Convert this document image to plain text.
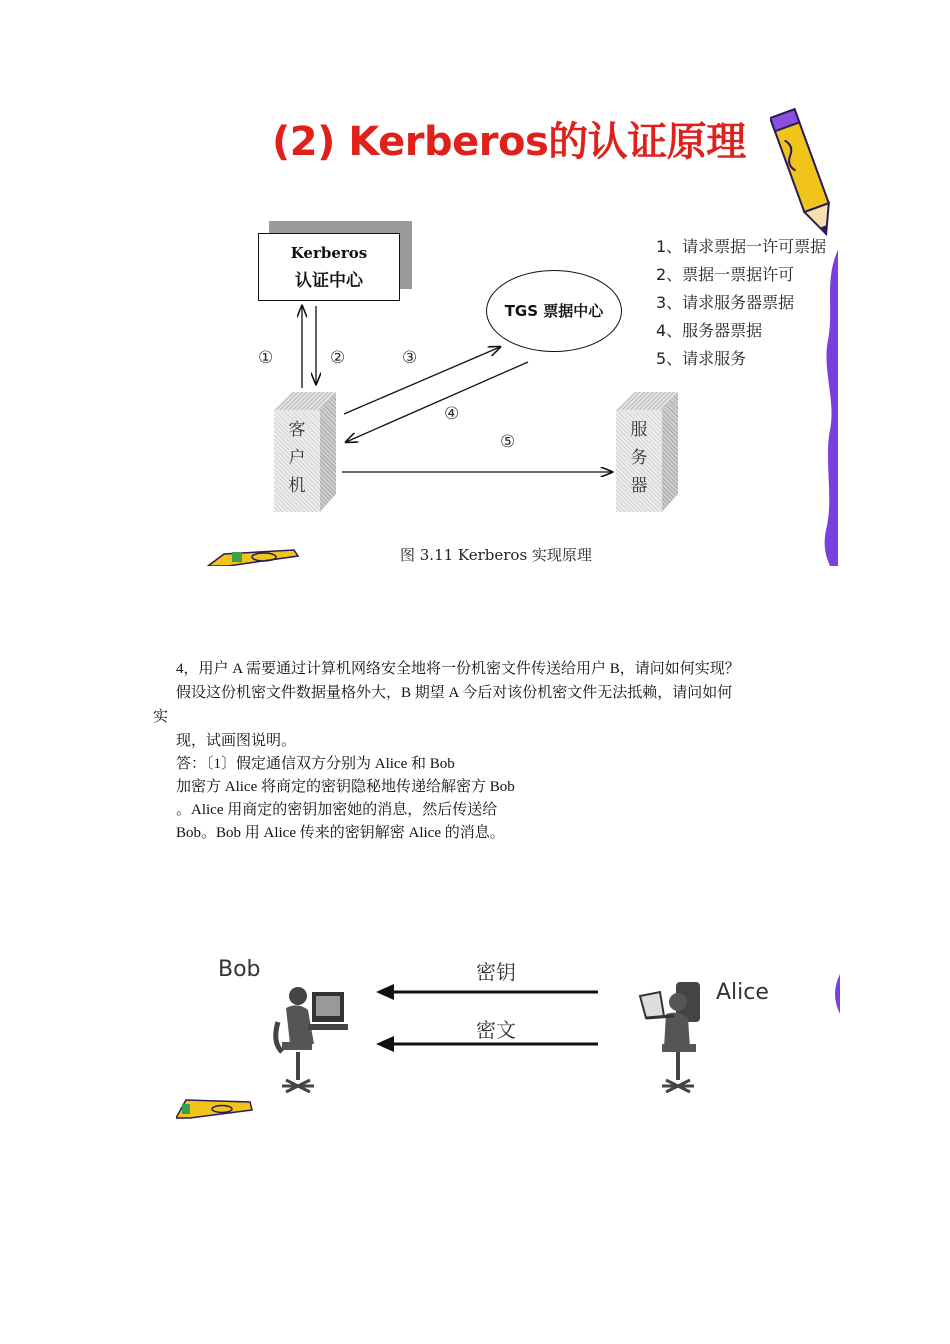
(2) Kerberos的认证原理
Kerberos
认证中心
TGS 票据中心
客
户
机
服
务
器
①	②	③
④
⑤
1、请求票据一许可票据
2、票据一票据许可
3、请求服务器票据
4、服务器票据
5、请求服务
图 3.11 Kerberos 实现原理
4，用户 A 需要通过计算机网络安全地将一份机密文件传送给用户 B，请问如何实现？
假设这份机密文件数据量格外大，B 期望 A 今后对该份机密文件无法抵赖，请问如何
实
现，试画图说明。
答：〔1〕假定通信双方分别为 Alice 和 Bob
加密方 Alice 将商定的密钥隐秘地传递给解密方 Bob
。Alice 用商定的密钥加密她的消息，然后传送给
Bob。Bob 用 Alice 传来的密钥解密 Alice 的消息。
Bob
Alice
密钥
密文
